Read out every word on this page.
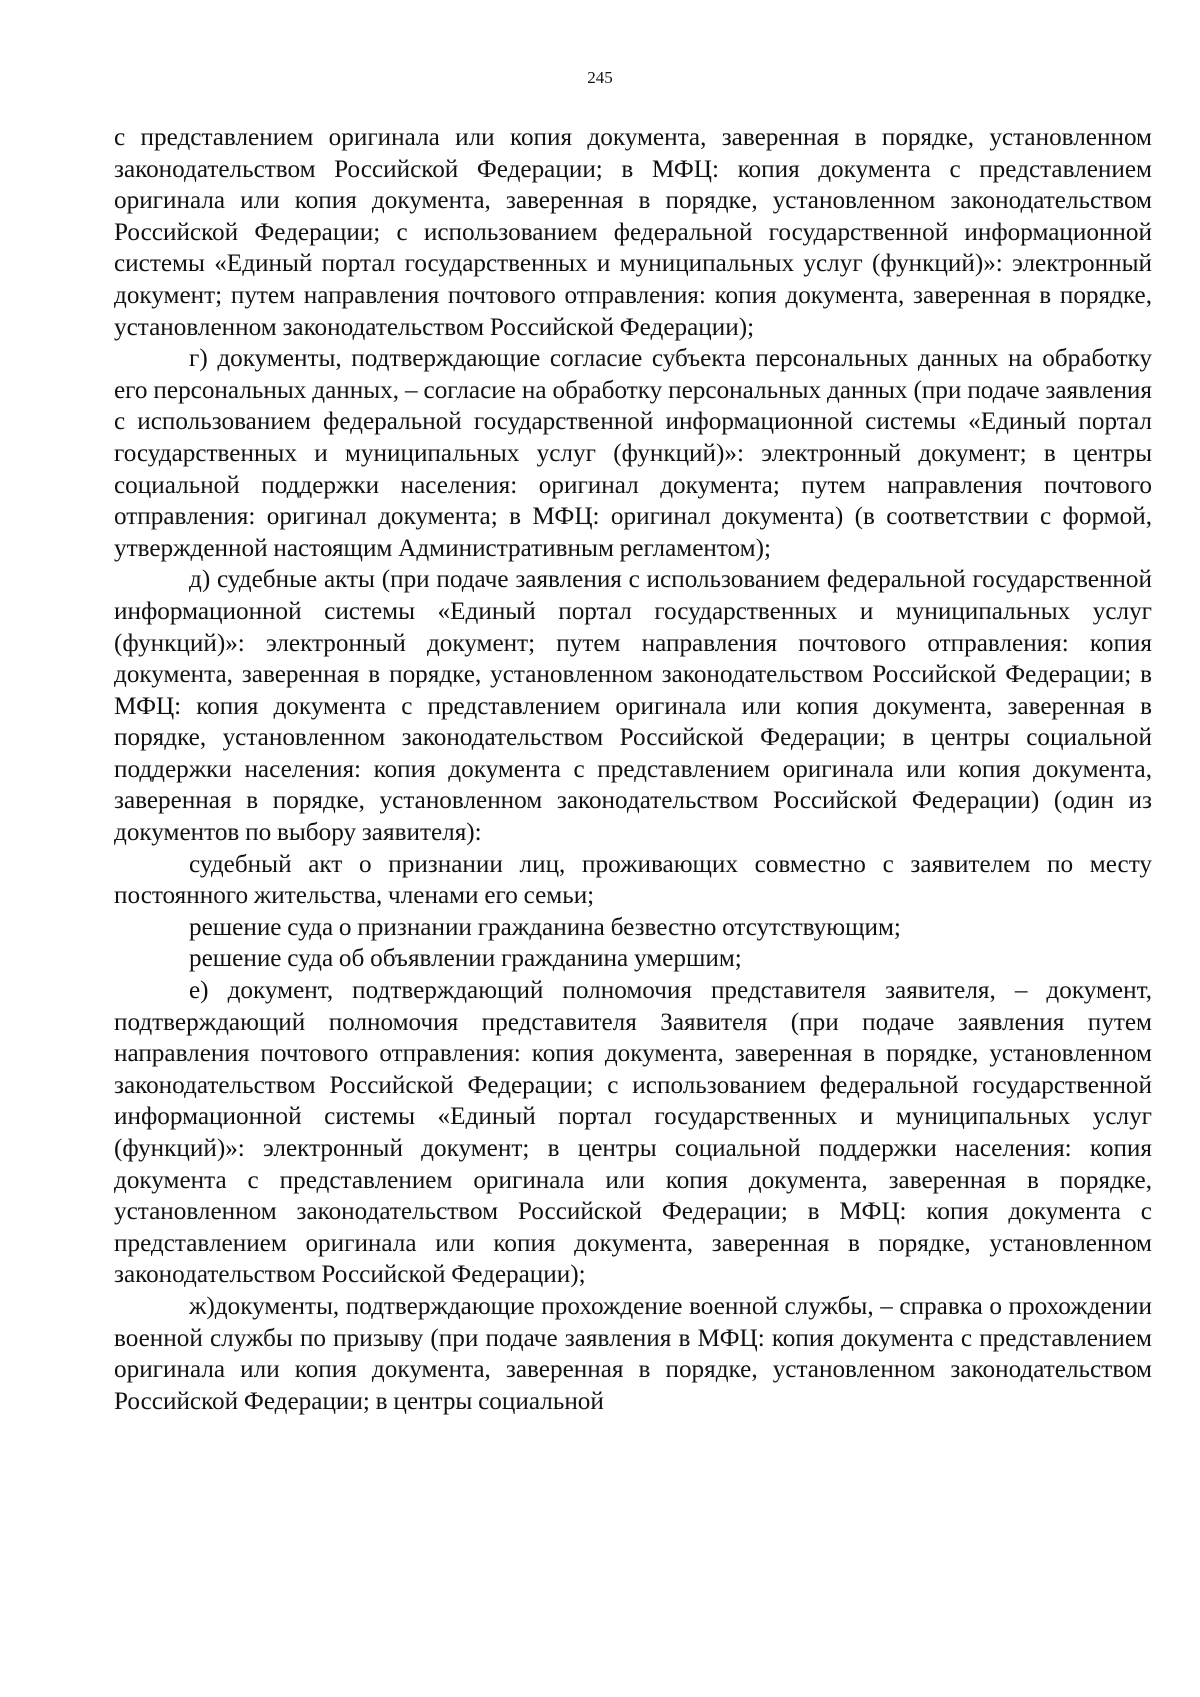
245

с представлением оригинала или копия документа, заверенная в порядке, установленном законодательством Российской Федерации; в МФЦ: копия документа с представлением оригинала или копия документа, заверенная в порядке, установленном законодательством Российской Федерации; с использованием федеральной государственной информационной системы «Единый портал государственных и муниципальных услуг (функций)»: электронный документ; путем направления почтового отправления: копия документа, заверенная в порядке, установленном законодательством Российской Федерации);

г) документы, подтверждающие согласие субъекта персональных данных на обработку его персональных данных, – согласие на обработку персональных данных (при подаче заявления с использованием федеральной государственной информационной системы «Единый портал государственных и муниципальных услуг (функций)»: электронный документ; в центры социальной поддержки населения: оригинал документа; путем направления почтового отправления: оригинал документа; в МФЦ: оригинал документа) (в соответствии с формой, утвержденной настоящим Административным регламентом);

д) судебные акты (при подаче заявления с использованием федеральной государственной информационной системы «Единый портал государственных и муниципальных услуг (функций)»: электронный документ; путем направления почтового отправления: копия документа, заверенная в порядке, установленном законодательством Российской Федерации; в МФЦ: копия документа с представлением оригинала или копия документа, заверенная в порядке, установленном законодательством Российской Федерации; в центры социальной поддержки населения: копия документа с представлением оригинала или копия документа, заверенная в порядке, установленном законодательством Российской Федерации) (один из документов по выбору заявителя):

судебный акт о признании лиц, проживающих совместно с заявителем по месту постоянного жительства, членами его семьи;

решение суда о признании гражданина безвестно отсутствующим;

решение суда об объявлении гражданина умершим;

е) документ, подтверждающий полномочия представителя заявителя, – документ, подтверждающий полномочия представителя Заявителя (при подаче заявления путем направления почтового отправления: копия документа, заверенная в порядке, установленном законодательством Российской Федерации; с использованием федеральной государственной информационной системы «Единый портал государственных и муниципальных услуг (функций)»: электронный документ; в центры социальной поддержки населения: копия документа с представлением оригинала или копия документа, заверенная в порядке, установленном законодательством Российской Федерации; в МФЦ: копия документа с представлением оригинала или копия документа, заверенная в порядке, установленном законодательством Российской Федерации);

ж)документы, подтверждающие прохождение военной службы, – справка о прохождении военной службы по призыву (при подаче заявления в МФЦ: копия документа с представлением оригинала или копия документа, заверенная в порядке, установленном законодательством Российской Федерации; в центры социальной
